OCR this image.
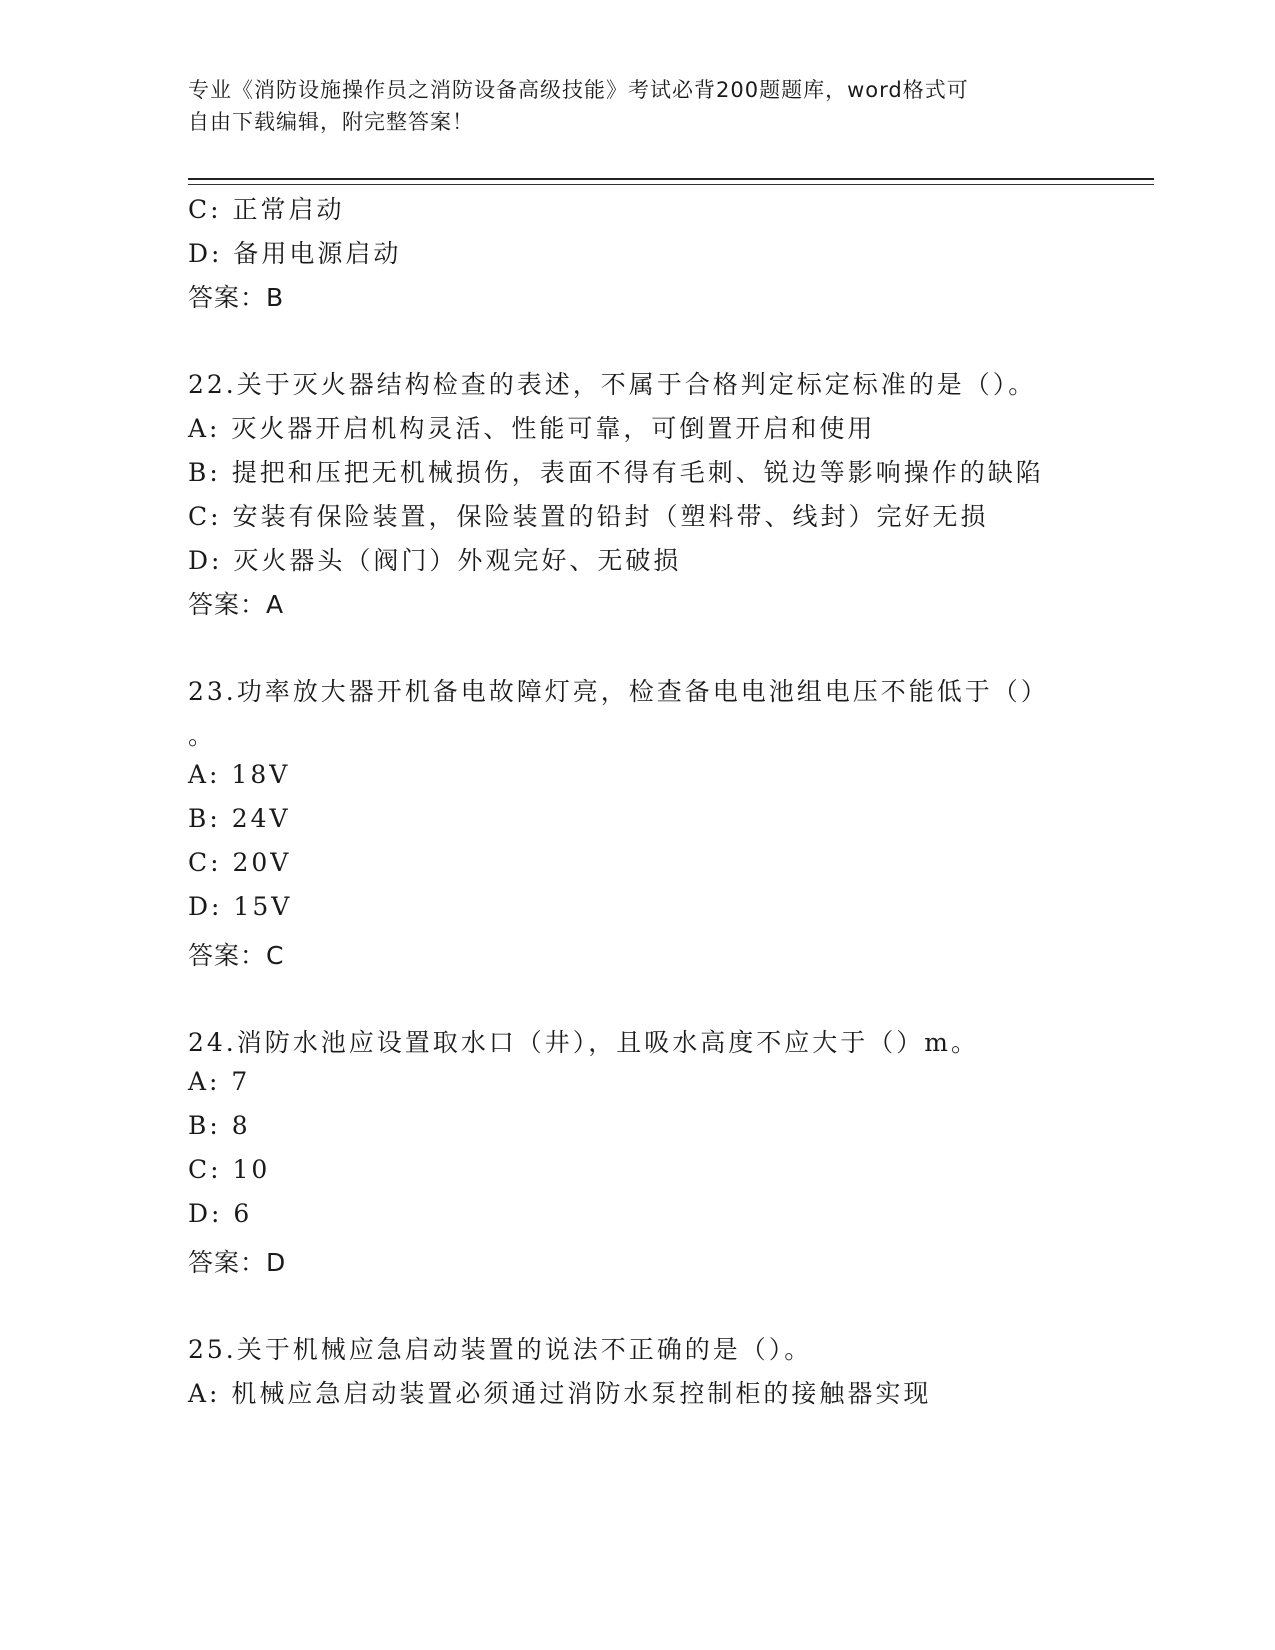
专业《消防设施操作员之消防设备高级技能》考试必背200题题库，word格式可
自由下载编辑，附完整答案！
C: 正常启动
D: 备用电源启动
答案：B
22.关于灭火器结构检查的表述，不属于合格判定标定标准的是（）。
A: 灭火器开启机构灵活、性能可靠，可倒置开启和使用
B: 提把和压把无机械损伤，表面不得有毛刺、锐边等影响操作的缺陷
C: 安装有保险装置，保险装置的铅封（塑料带、线封）完好无损
D: 灭火器头（阀门）外观完好、无破损
答案：A
23.功率放大器开机备电故障灯亮，检查备电电池组电压不能低于（）
。
A: 18V
B: 24V
C: 20V
D: 15V
答案：C
24.消防水池应设置取水口（井），且吸水高度不应大于（）m。
A: 7
B: 8
C: 10
D: 6
答案：D
25.关于机械应急启动装置的说法不正确的是（）。
A: 机械应急启动装置必须通过消防水泵控制柜的接触器实现
